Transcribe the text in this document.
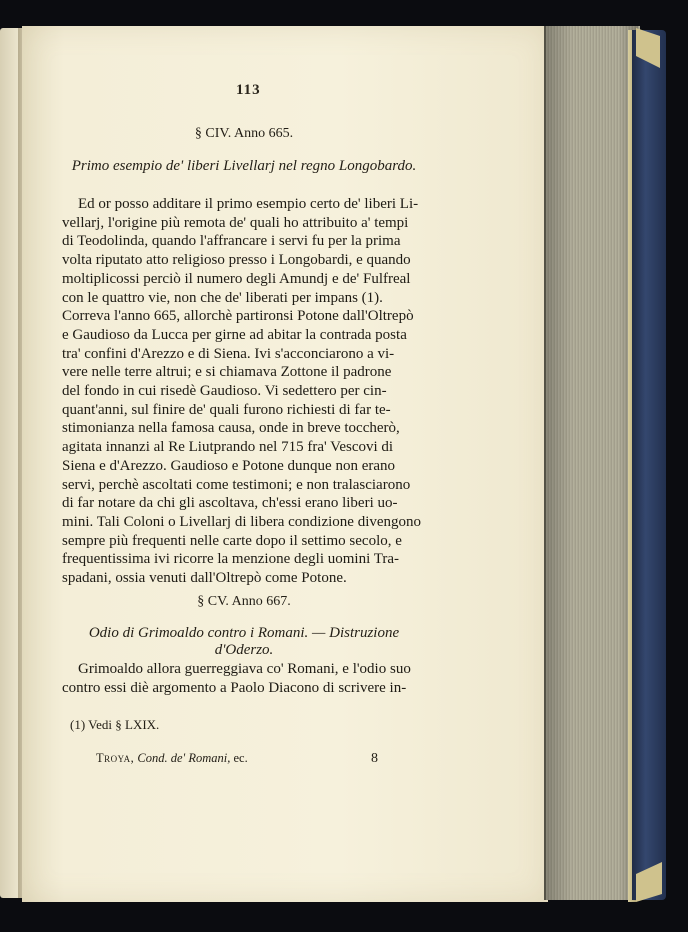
113
§ CIV. Anno 665.
Primo esempio de' liberi Livellarj nel regno Longobardo.

Ed or posso additare il primo esempio certo de' liberi Li-
vellarj, l'origine più remota de' quali ho attribuito a' tempi
di Teodolinda, quando l'affrancare i servi fu per la prima
volta riputato atto religioso presso i Longobardi, e quando
moltiplicossi perciò il numero degli Amundj e de' Fulfreal
con le quattro vie, non che de' liberati per impans (1).
Correva l'anno 665, allorchè partironsi Potone dall'Oltrepò
e Gaudioso da Lucca per girne ad abitar la contrada posta
tra' confini d'Arezzo e di Siena. Ivi s'acconciarono a vi-
vere nelle terre altrui; e si chiamava Zottone il padrone
del fondo in cui risedè Gaudioso. Vi sedettero per cin-
quant'anni, sul finire de' quali furono richiesti di far te-
stimonianza nella famosa causa, onde in breve toccherò,
agitata innanzi al Re Liutprando nel 715 fra' Vescovi di
Siena e d'Arezzo. Gaudioso e Potone dunque non erano
servi, perchè ascoltati come testimoni; e non tralasciarono
di far notare da chi gli ascoltava, ch'essi erano liberi uo-
mini. Tali Coloni o Livellarj di libera condizione divengono
sempre più frequenti nelle carte dopo il settimo secolo, e
frequentissima ivi ricorre la menzione degli uomini Tra-
spadani, ossia venuti dall'Oltrepò come Potone.

§ CV. Anno 667.
Odio di Grimoaldo contro i Romani. — Distruzione d'Oderzo.

Grimoaldo allora guerreggiava co' Romani, e l'odio suo
contro essi diè argomento a Paolo Diacono di scrivere in-

(1) Vedi § LXIX.
Troya, Cond. de' Romani, ec.	8
